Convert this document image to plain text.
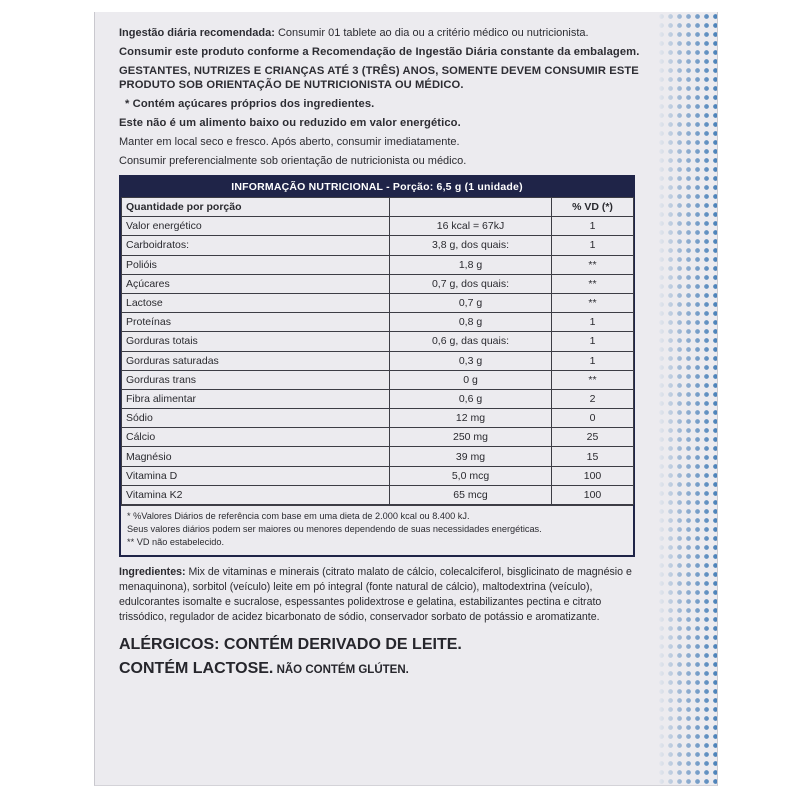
Ingestão diária recomendada: Consumir 01 tablete ao dia ou a critério médico ou nutricionista.

Consumir este produto conforme a Recomendação de Ingestão Diária constante da embalagem.

GESTANTES, NUTRIZES E CRIANÇAS ATÉ 3 (TRÊS) ANOS, SOMENTE DEVEM CONSUMIR ESTE PRODUTO SOB ORIENTAÇÃO DE NUTRICIONISTA OU MÉDICO.

* Contém açúcares próprios dos ingredientes.

Este não é um alimento baixo ou reduzido em valor energético.

Manter em local seco e fresco. Após aberto, consumir imediatamente.

Consumir preferencialmente sob orientação de nutricionista ou médico.

INFORMAÇÃO NUTRICIONAL - Porção: 6,5 g (1 unidade)
Quantidade por porção		% VD (*)
Valor energético	16 kcal = 67kJ	1
Carboidratos:	3,8 g, dos quais:	1
Polióis	1,8 g	**
Açúcares	0,7 g, dos quais:	**
Lactose	0,7 g	**
Proteínas	0,8 g	1
Gorduras totais	0,6 g, das quais:	1
Gorduras saturadas	0,3 g	1
Gorduras trans	0 g	**
Fibra alimentar	0,6 g	2
Sódio	12 mg	0
Cálcio	250 mg	25
Magnésio	39 mg	15
Vitamina D	5,0 mcg	100
Vitamina K2	65 mcg	100
* %Valores Diários de referência com base em uma dieta de 2.000 kcal ou 8.400 kJ.
Seus valores diários podem ser maiores ou menores dependendo de suas necessidades energéticas.
** VD não estabelecido.
Ingredientes: Mix de vitaminas e minerais (citrato malato de cálcio, colecalciferol, bisglicinato de magnésio e menaquinona), sorbitol (veículo) leite em pó integral (fonte natural de cálcio), maltodextrina (veículo), edulcorantes isomalte e sucralose, espessantes polidextrose e gelatina, estabilizantes pectina e citrato trissódico, regulador de acidez bicarbonato de sódio, conservador sorbato de potássio e aromatizante.
ALÉRGICOS: CONTÉM DERIVADO DE LEITE.
CONTÉM LACTOSE. NÃO CONTÉM GLÚTEN.
